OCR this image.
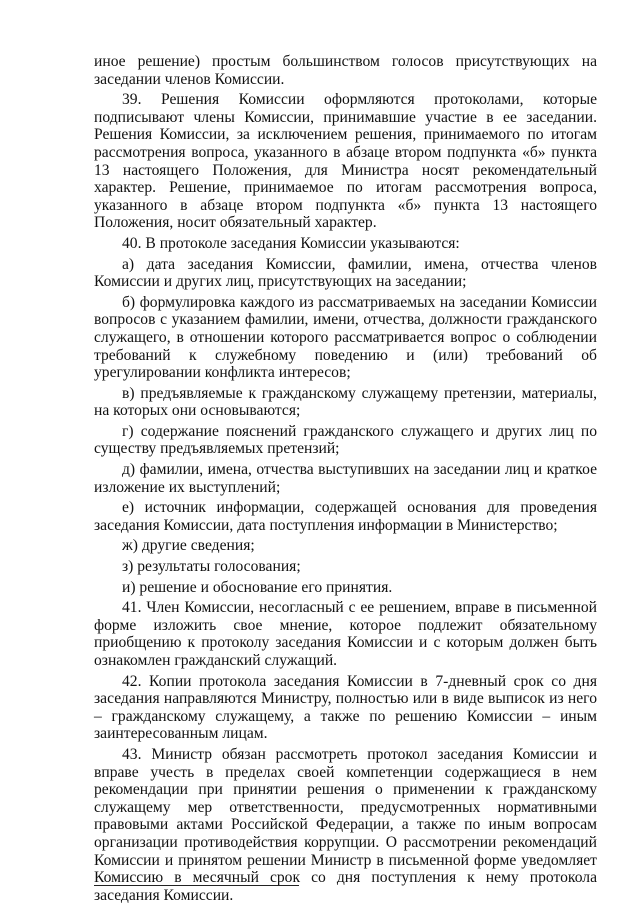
иное решение) простым большинством голосов присутствующих на заседании членов Комиссии.

39. Решения Комиссии оформляются протоколами, которые подписывают члены Комиссии, принимавшие участие в ее заседании. Решения Комиссии, за исключением решения, принимаемого по итогам рассмотрения вопроса, указанного в абзаце втором подпункта «б» пункта 13 настоящего Положения, для Министра носят рекомендательный характер. Решение, принимаемое по итогам рассмотрения вопроса, указанного в абзаце втором подпункта «б» пункта 13 настоящего Положения, носит обязательный характер.

40. В протоколе заседания Комиссии указываются:

а) дата заседания Комиссии, фамилии, имена, отчества членов Комиссии и других лиц, присутствующих на заседании;

б) формулировка каждого из рассматриваемых на заседании Комиссии вопросов с указанием фамилии, имени, отчества, должности гражданского служащего, в отношении которого рассматривается вопрос о соблюдении требований к служебному поведению и (или) требований об урегулировании конфликта интересов;

в) предъявляемые к гражданскому служащему претензии, материалы, на которых они основываются;

г) содержание пояснений гражданского служащего и других лиц по существу предъявляемых претензий;

д) фамилии, имена, отчества выступивших на заседании лиц и краткое изложение их выступлений;

е) источник информации, содержащей основания для проведения заседания Комиссии, дата поступления информации в Министерство;

ж) другие сведения;

з) результаты голосования;

и) решение и обоснование его принятия.

41. Член Комиссии, несогласный с ее решением, вправе в письменной форме изложить свое мнение, которое подлежит обязательному приобщению к протоколу заседания Комиссии и с которым должен быть ознакомлен гражданский служащий.

42. Копии протокола заседания Комиссии в 7-дневный срок со дня заседания направляются Министру, полностью или в виде выписок из него – гражданскому служащему, а также по решению Комиссии – иным заинтересованным лицам.

43. Министр обязан рассмотреть протокол заседания Комиссии и вправе учесть в пределах своей компетенции содержащиеся в нем рекомендации при принятии решения о применении к гражданскому служащему мер ответственности, предусмотренных нормативными правовыми актами Российской Федерации, а также по иным вопросам организации противодействия коррупции. О рассмотрении рекомендаций Комиссии и принятом решении Министр в письменной форме уведомляет Комиссию в месячный срок со дня поступления к нему протокола заседания Комиссии.
